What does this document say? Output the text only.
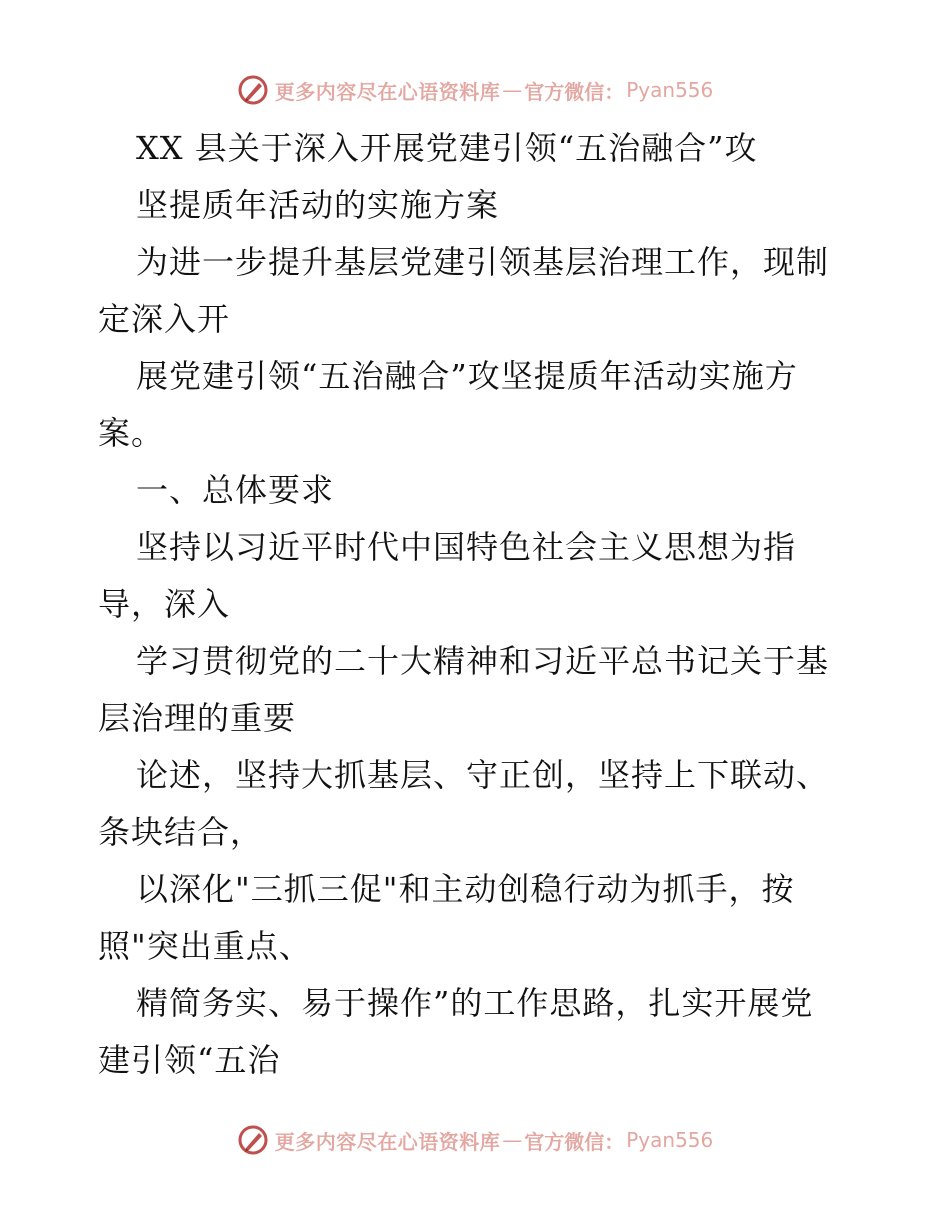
更多内容尽在心语资料库 — 官方微信： Pyan556
XX 县关于深入开展党建引领“五治融合”攻
坚提质年活动的实施方案
为进一步提升基层党建引领基层治理工作，现制
定深入开
展党建引领“五治融合”攻坚提质年活动实施方
案。
一、总体要求
坚持以习近平时代中国特色社会主义思想为指
导，深入
学习贯彻党的二十大精神和习近平总书记关于基
层治理的重要
论述，坚持大抓基层、守正创，坚持上下联动、
条块结合，
以深化"三抓三促"和主动创稳行动为抓手，按
照"突出重点、
精简务实、易于操作”的工作思路，扎实开展党
建引领“五治
更多内容尽在心语资料库 — 官方微信： Pyan556
